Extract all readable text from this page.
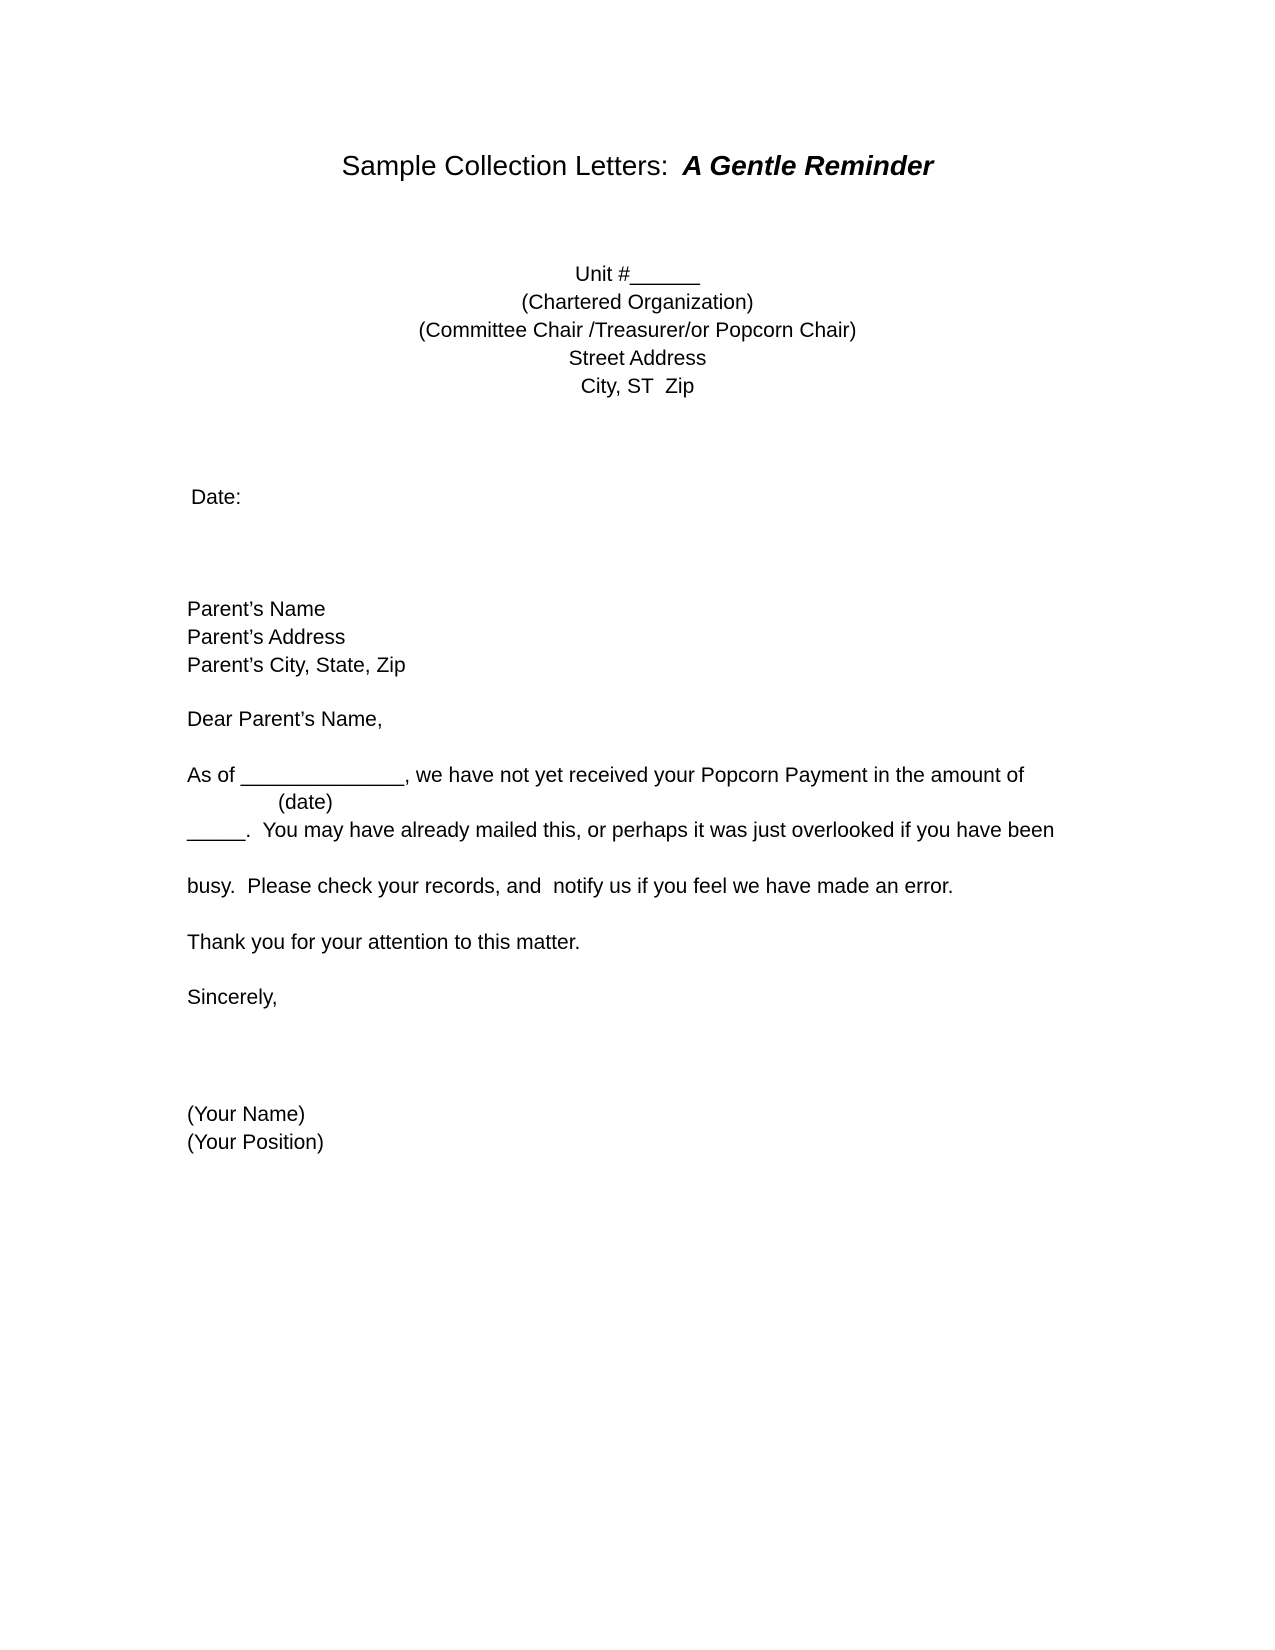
Sample Collection Letters: A Gentle Reminder
Unit #______
(Chartered Organization)
(Committee Chair /Treasurer/or Popcorn Chair)
Street Address
City, ST  Zip
Date:
Parent’s Name
Parent’s Address
Parent’s City, State, Zip
Dear Parent’s Name,
As of ______________, we have not yet received your Popcorn Payment in the amount of
(date)
_____.  You may have already mailed this, or perhaps it was just overlooked if you have been
busy.  Please check your records, and  notify us if you feel we have made an error.
Thank you for your attention to this matter.
Sincerely,
(Your Name)
(Your Position)
